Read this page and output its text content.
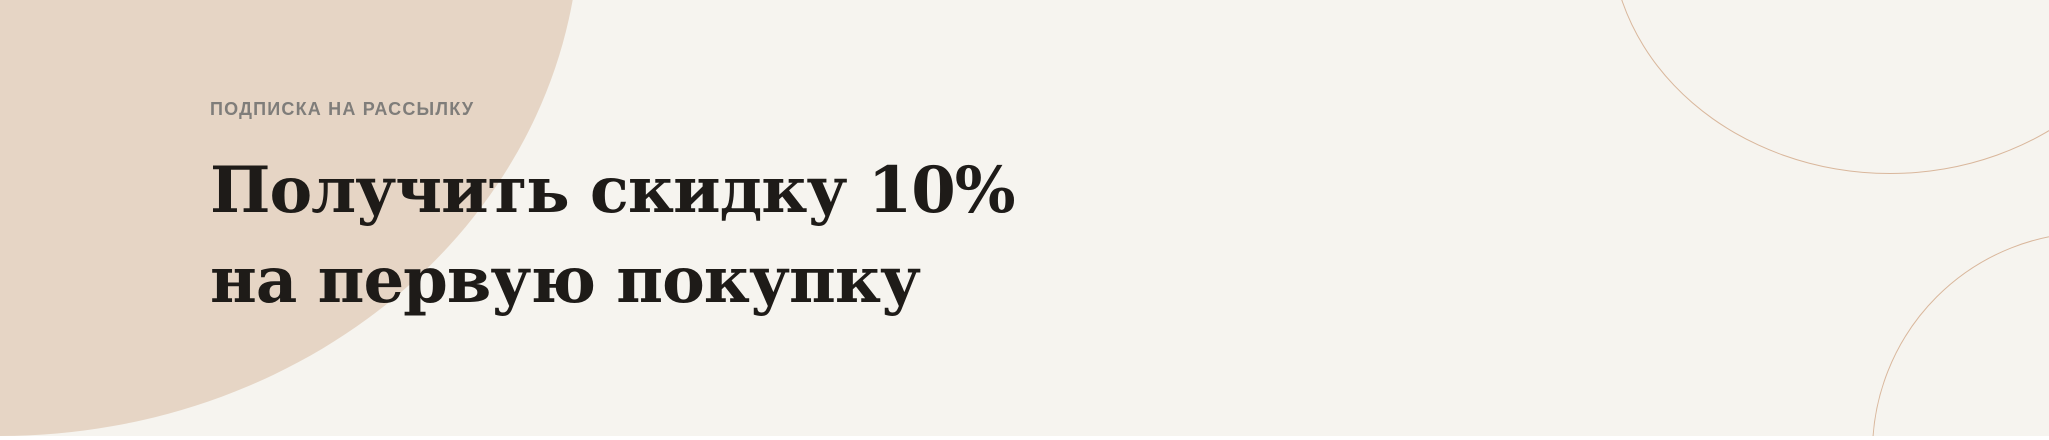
ПОДПИСКА НА РАССЫЛКУ

Получить скидку 10%
на первую покупку
